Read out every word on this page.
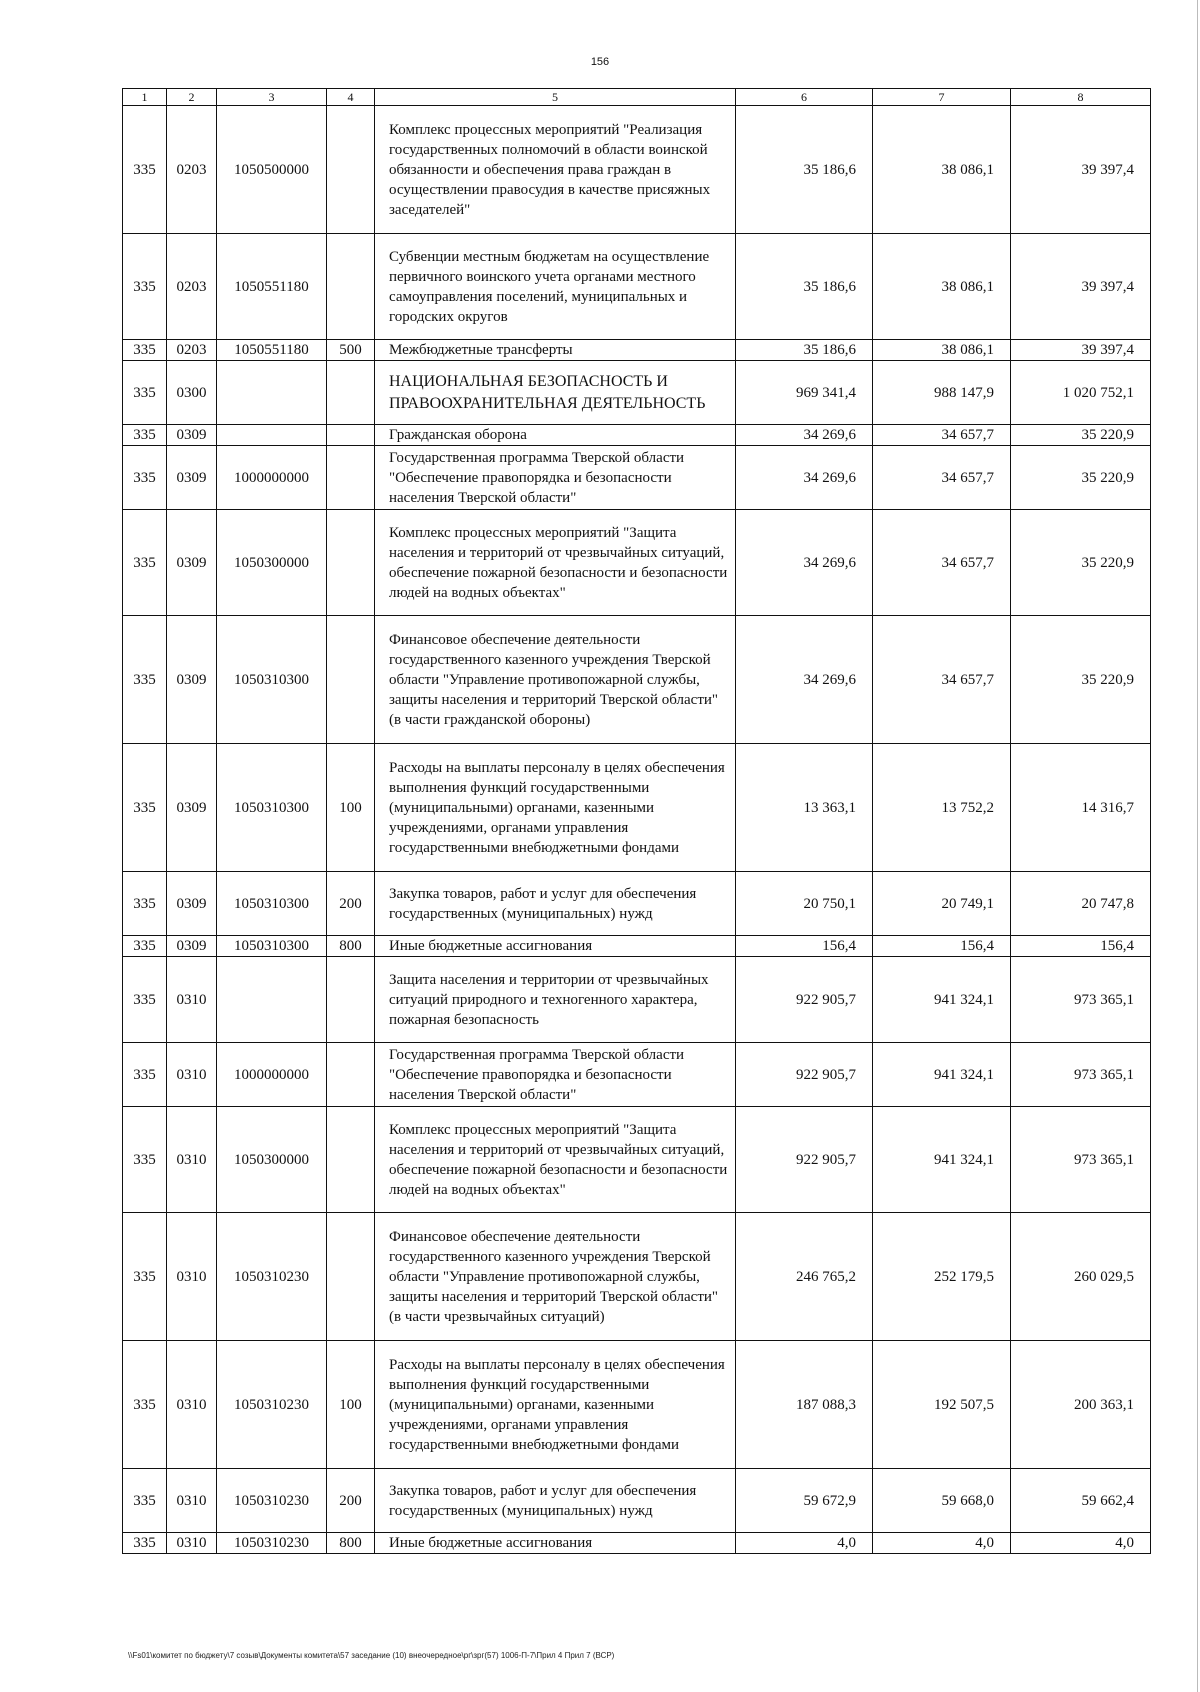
156
1	2	3	4	5	6	7	8
335	0203	1050500000		Комплекс процессных мероприятий "Реализация государственных полномочий в области воинской обязанности и обеспечения права граждан в осуществлении правосудия в качестве присяжных заседателей"	35 186,6	38 086,1	39 397,4
335	0203	1050551180		Субвенции местным бюджетам на осуществление первичного воинского учета органами местного самоуправления поселений, муниципальных и городских округов	35 186,6	38 086,1	39 397,4
335	0203	1050551180	500	Межбюджетные трансферты	35 186,6	38 086,1	39 397,4
335	0300			НАЦИОНАЛЬНАЯ БЕЗОПАСНОСТЬ И ПРАВООХРАНИТЕЛЬНАЯ ДЕЯТЕЛЬНОСТЬ	969 341,4	988 147,9	1 020 752,1
335	0309			Гражданская оборона	34 269,6	34 657,7	35 220,9
335	0309	1000000000		Государственная программа Тверской области "Обеспечение правопорядка и безопасности населения Тверской области"	34 269,6	34 657,7	35 220,9
335	0309	1050300000		Комплекс процессных мероприятий "Защита населения и территорий от чрезвычайных ситуаций, обеспечение пожарной безопасности и безопасности людей на водных объектах"	34 269,6	34 657,7	35 220,9
335	0309	1050310300		Финансовое обеспечение деятельности государственного казенного учреждения Тверской области "Управление противопожарной службы, защиты населения и территорий Тверской области" (в части гражданской обороны)	34 269,6	34 657,7	35 220,9
335	0309	1050310300	100	Расходы на выплаты персоналу в целях обеспечения выполнения функций государственными (муниципальными) органами, казенными учреждениями, органами управления государственными внебюджетными фондами	13 363,1	13 752,2	14 316,7
335	0309	1050310300	200	Закупка товаров, работ и услуг для обеспечения государственных (муниципальных) нужд	20 750,1	20 749,1	20 747,8
335	0309	1050310300	800	Иные бюджетные ассигнования	156,4	156,4	156,4
335	0310			Защита населения и территории от чрезвычайных ситуаций природного и техногенного характера, пожарная безопасность	922 905,7	941 324,1	973 365,1
335	0310	1000000000		Государственная программа Тверской области "Обеспечение правопорядка и безопасности населения Тверской области"	922 905,7	941 324,1	973 365,1
335	0310	1050300000		Комплекс процессных мероприятий "Защита населения и территорий от чрезвычайных ситуаций, обеспечение пожарной безопасности и безопасности людей на водных объектах"	922 905,7	941 324,1	973 365,1
335	0310	1050310230		Финансовое обеспечение деятельности государственного казенного учреждения Тверской области "Управление противопожарной службы, защиты населения и территорий Тверской области" (в части чрезвычайных ситуаций)	246 765,2	252 179,5	260 029,5
335	0310	1050310230	100	Расходы на выплаты персоналу в целях обеспечения выполнения функций государственными (муниципальными) органами, казенными учреждениями, органами управления государственными внебюджетными фондами	187 088,3	192 507,5	200 363,1
335	0310	1050310230	200	Закупка товаров, работ и услуг для обеспечения государственных (муниципальных) нужд	59 672,9	59 668,0	59 662,4
335	0310	1050310230	800	Иные бюджетные ассигнования	4,0	4,0	4,0
\\Fs01\комитет по бюджету\7 созыв\Документы комитета\57 заседание (10) внеочередное\рг\зрг(57) 1006-П-7\Прил 4 Прил 7 (ВСР)
